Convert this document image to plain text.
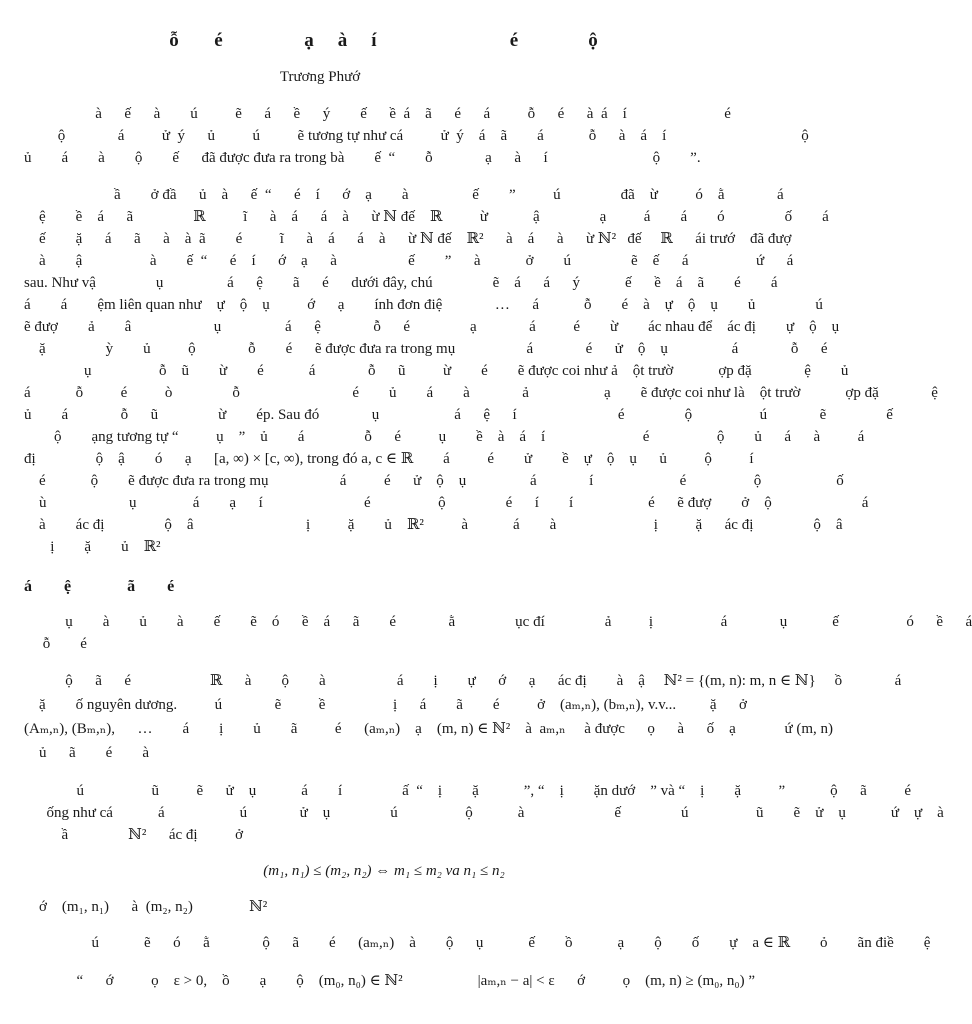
ỗ      é              ạ    à    í                       é            ộ
Trương Phướ
à      ế      à        ú          ẽ      á      ề      ý        ế      ề  á    ã      é      á          ỗ      é      à  á    í                          é
ộ              á          ử  ý      ủ          ú          ẽ tương tự như cá          ử  ý    á    ã        á            ỗ      à    á    í                                    ộ
ủ        á        à        ộ        ế      đã được đưa ra trong bà        ế  “        ỗ              ạ      à      í                            ộ        ”.
ầ        ở đầ      ủ    à      ế  “      é    í      ớ    ạ        à                 ế        ”          ú                đã    ừ          ó    ằ              á
ệ        ề    á      ã                ℝ          ĩ      à    á      á    à      ừ ℕ đế    ℝ          ừ            ậ                ạ          á        á        ó                ố        á
ế        ặ      á      ã      à    à  ã        é          ĩ      à    á      á    à      ừ ℕ đế    ℝ²      à    á      à      ừ ℕ²   đế     ℝ      ái trướ    đã đượ
à        ậ                  à        ế  “      é    í      ớ    ạ      à                   ế        ”      à            ở        ú                ẽ    ế      á                  ứ      á
sau. Như vậ                ụ                 á      ệ        ã      é      dưới đây, chú                ẽ    á      á      ý            ế      ề    á    ã        é        á
á        á        ệm liên quan như    ự    ộ    ụ          ớ      ạ        ính đơn điệ              …      á            ỗ        é    à    ự    ộ    ụ        ủ                ú
ẽ đượ        ả        â                      ụ                 á      ệ              ỗ      é                ạ              á          é        ừ        ác nhau để    ác đị        ự    ộ    ụ
ặ                ỳ        ủ          ộ              ỗ        é      ẽ được đưa ra trong mụ                   á              é      ử    ộ    ụ                 á              ỗ      é
ụ                  ỗ    ũ        ừ        é            á              ỗ      ũ          ừ        é        ẽ được coi như ả    ột trườ            ợp đặ              ệ        ủ
á            ỗ          é          ò                ỗ                              é        ủ        á        à              ả                    ạ        ẽ được coi như là    ột trườ            ợp đặ              ệ
ủ        á              ỗ      ũ                ừ        ép. Sau đó              ụ                    á      ệ      í                           é                ộ                  ú              ẽ                ế
ộ        ạng tương tự “          ụ    ”    ủ        á                ỗ      é          ụ        ề    à    á    í                          é                  ộ        ủ      á      à          á
đị                ộ    ậ        ó      ạ      [a, ∞) × [c, ∞), trong đó a, c ∈ ℝ        á          é        ử        ề    ự    ộ    ụ      ủ          ộ          í
é            ộ        ẽ được đưa ra trong mụ                   á          é      ử    ộ    ụ                 á              í                       é                  ộ                    ố
ù                      ụ               á        ạ      í                           é                  ộ                é      í        í                    é      ẽ đượ        ở    ộ                        á
à        ác đị                ộ    â                              ị          ặ        ủ    ℝ²          à            á        à                          ị          ặ      ác đị                ộ    â
ị        ặ        ủ    ℝ²
á        ệ              ã        é
ụ        à        ủ        à        ế        ẽ    ó      ề    á      ã        é              ằ                ục đí                ả          ị                  á              ụ            ế                  ó      ề      á
ỗ        é
ộ      ã      é                     ℝ      à        ộ        à                   á        ị        ự      ớ      ạ      ác đị        à    ậ     ℕ² = {(m, n): m, n ∈ ℕ}     ồ              á
ặ        ố nguyên dương.          ú              ẽ          ề                  ị      á        ã        é          ở    (aₘ,ₙ), (bₘ,ₙ), v.v...         ặ      ở
(Aₘ,ₙ), (Bₘ,ₙ),      …        á        ị        ủ        ã          é      (aₘ,ₙ)    ạ    (m, n) ∈ ℕ²    à  aₘ,ₙ     à được      ọ      à      ố    ạ             ứ (m, n)
ủ      ã        é        à
ú                  ũ          ẽ      ử    ụ            á        í                ấ  “    ị        ặ            ”, “    ị        ặn dướ    ” và “    ị        ặ          ”            ộ      ã          é
ống như cá            á                    ú              ử    ụ                ú                  ộ            à                        ế                ú                  ũ        ẽ    ử    ụ            ứ    ự    à
ầ                ℕ²      ác đị          ở
(m₁, n₁) ≤ (m₂, n₂) ⇔ m₁ ≤ m₂ va n₁ ≤ n₂
ớ    (m₁, n₁)      à  (m₂, n₂)               ℕ²
ú            ẽ      ó      ằ              ộ      ã        é      (aₘ,ₙ)    à        ộ      ụ            ế        ồ            ạ        ộ        ố        ự    a ∈ ℝ        ỏ        ãn điề        ệ
“      ớ          ọ    ε > 0,    ồ        ạ        ộ    (m₀, n₀) ∈ ℕ²                    |aₘ,ₙ − a| < ε      ớ          ọ    (m, n) ≥ (m₀, n₀) ”
